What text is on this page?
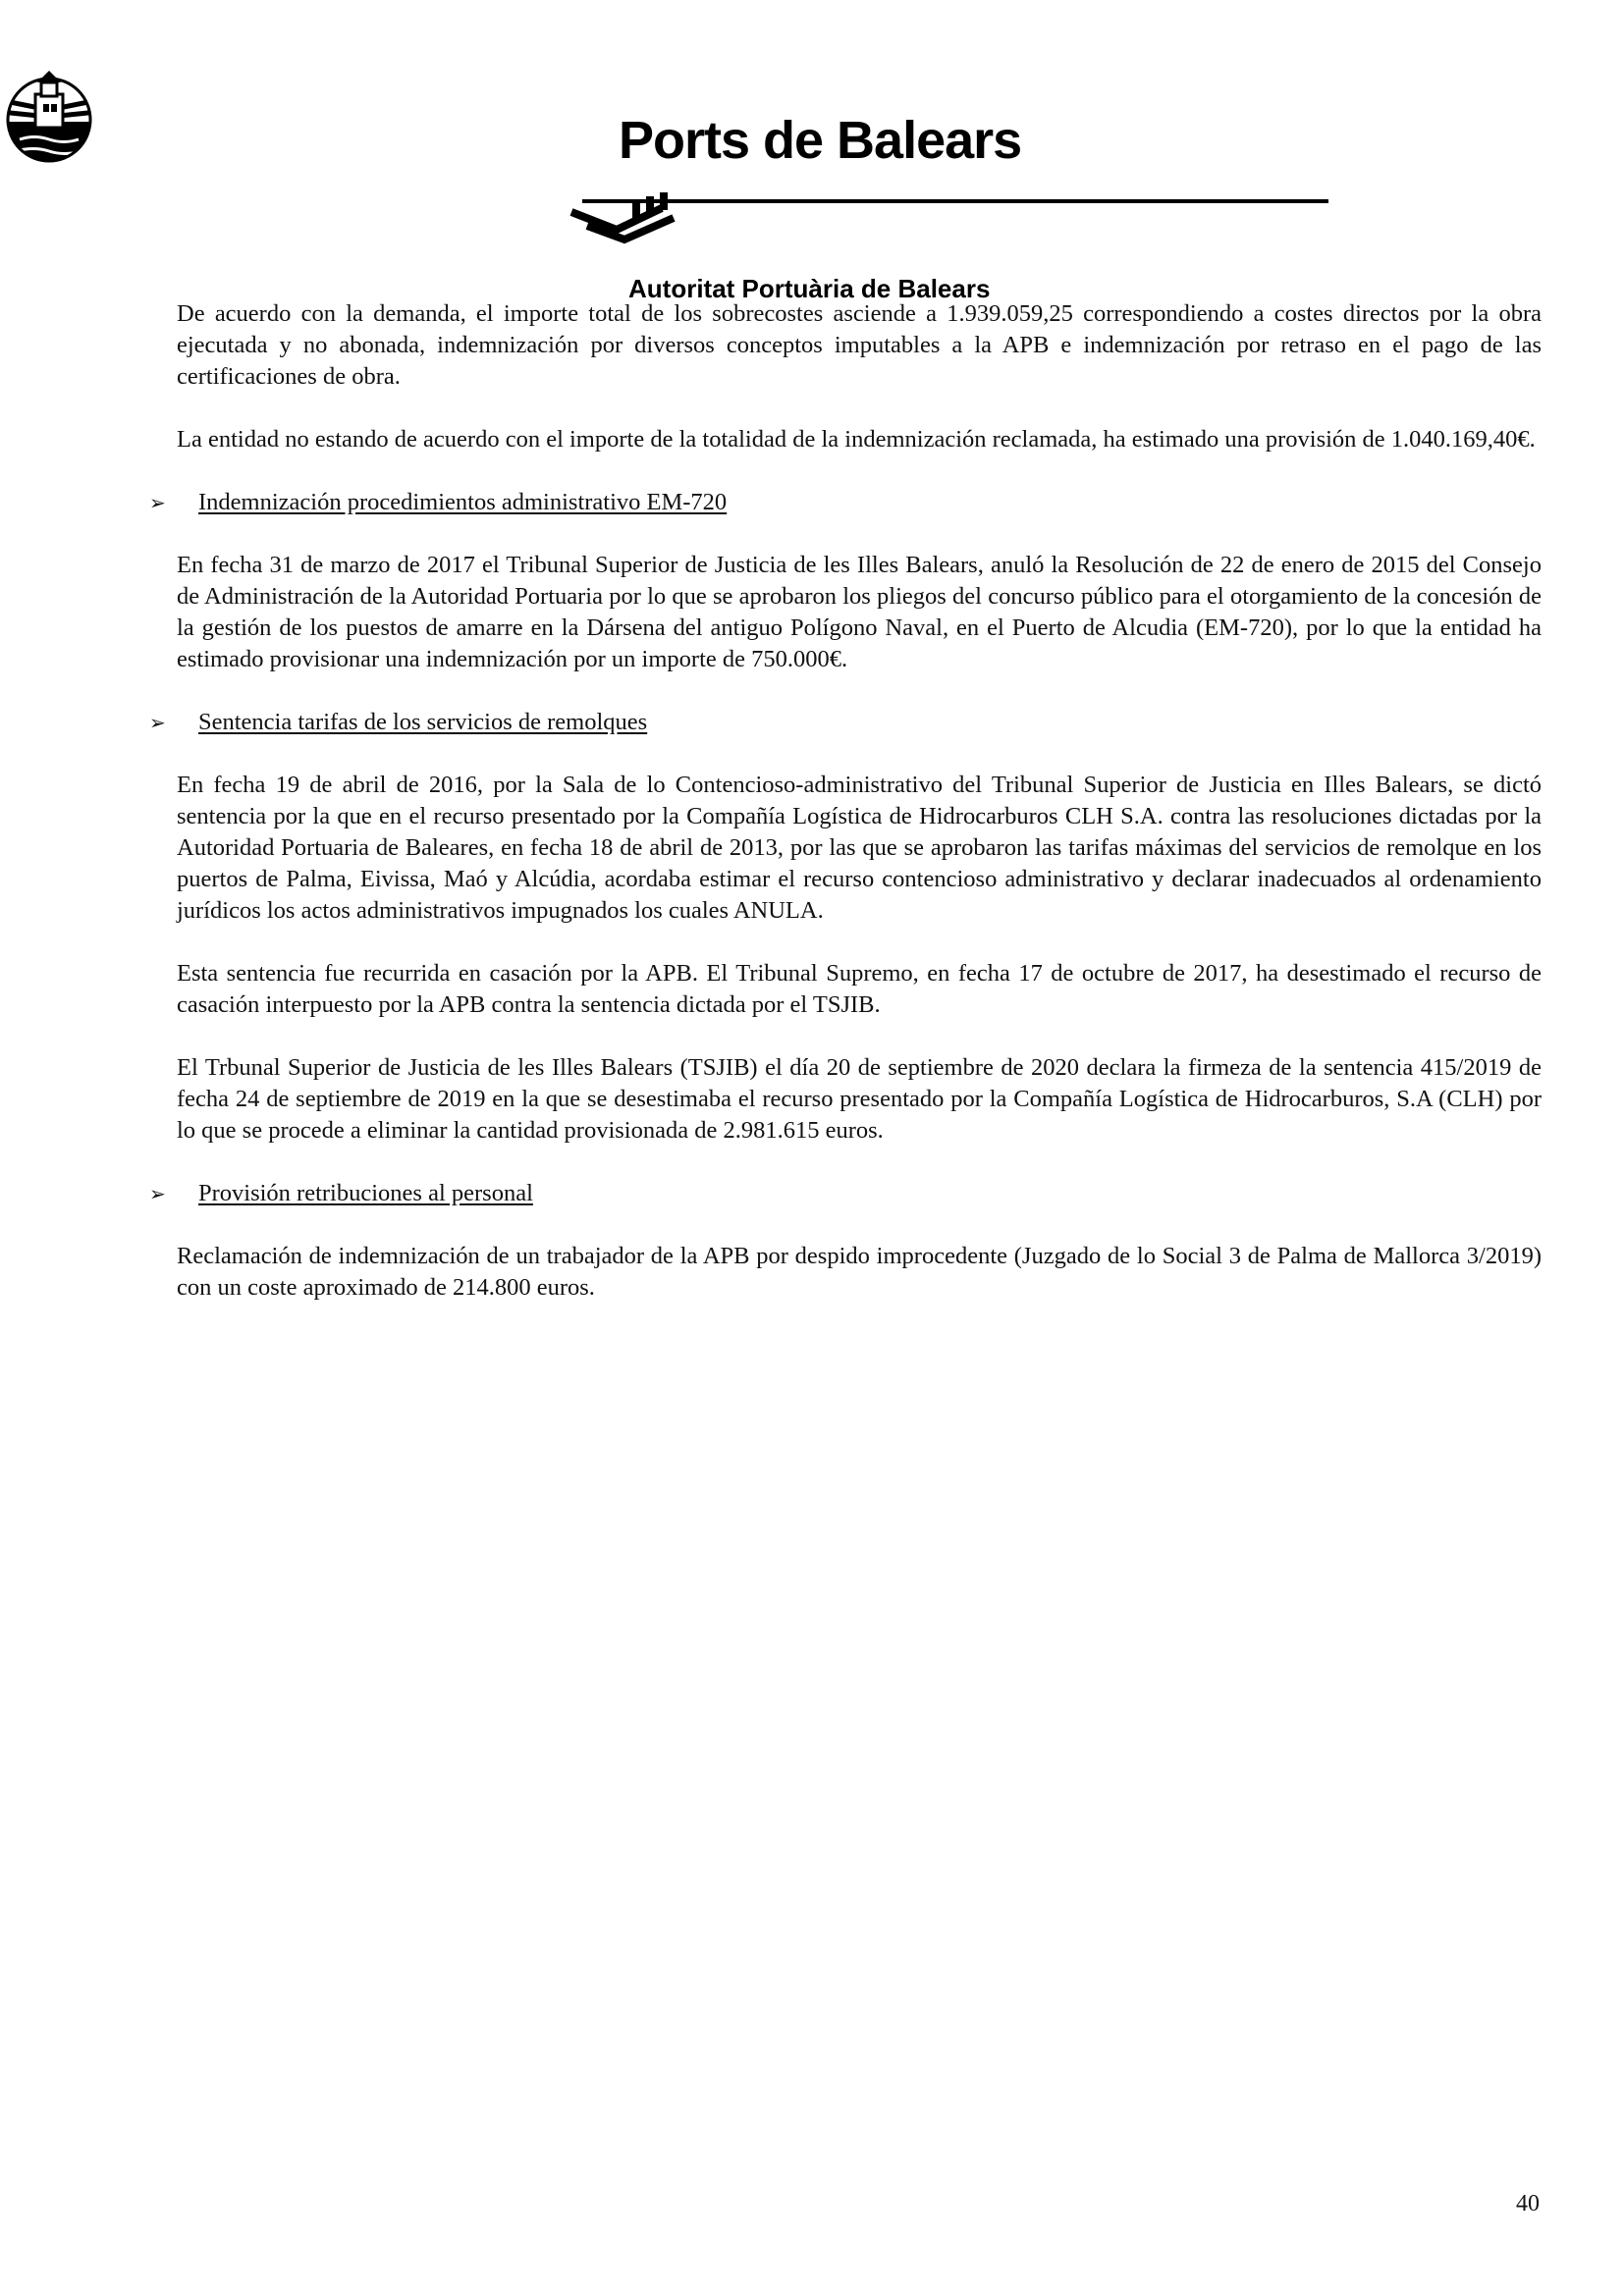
Ports de Balears
Autoritat Portuària de Balears

De acuerdo con la demanda, el importe total de los sobrecostes asciende a 1.939.059,25 correspondiendo a costes directos por la obra ejecutada y no abonada, indemnización por diversos conceptos imputables a la APB e indemnización por retraso en el pago de las certificaciones de obra.

La entidad no estando de acuerdo con el importe de la totalidad de la indemnización reclamada, ha estimado una provisión de 1.040.169,40€.

➢	Indemnización procedimientos administrativo EM-720

En fecha 31 de marzo de 2017 el Tribunal Superior de Justicia de les Illes Balears, anuló la Resolución de 22 de enero de 2015 del Consejo de Administración de la Autoridad Portuaria por lo que se aprobaron los pliegos del concurso público para el otorgamiento de la concesión de la gestión de los puestos de amarre en la Dársena del antiguo Polígono Naval, en el Puerto de Alcudia (EM-720), por lo que la entidad ha estimado provisionar una indemnización por un importe de 750.000€.

➢	Sentencia tarifas de los servicios de remolques

En fecha 19 de abril de 2016, por la Sala de lo Contencioso-administrativo del Tribunal Superior de Justicia en Illes Balears, se dictó sentencia por la que en el recurso presentado por la Compañía Logística de Hidrocarburos CLH S.A. contra las resoluciones dictadas por la Autoridad Portuaria de Baleares, en fecha 18 de abril de 2013, por las que se aprobaron las tarifas máximas del servicios de remolque en los puertos de Palma, Eivissa, Maó y Alcúdia, acordaba estimar el recurso contencioso administrativo y declarar inadecuados al ordenamiento jurídicos los actos administrativos impugnados los cuales ANULA.

Esta sentencia fue recurrida en casación por la APB. El Tribunal Supremo, en fecha 17 de octubre de 2017, ha desestimado el recurso de casación interpuesto por la APB contra la sentencia dictada por el TSJIB.

El Trbunal Superior de Justicia de les Illes Balears (TSJIB) el día 20 de septiembre de 2020 declara la firmeza de la sentencia 415/2019 de fecha 24 de septiembre de 2019 en la que se desestimaba el recurso presentado por la Compañía Logística de Hidrocarburos, S.A (CLH) por lo que se procede a eliminar la cantidad provisionada de 2.981.615 euros.

➢	Provisión retribuciones al personal

Reclamación de indemnización de un trabajador de la APB por despido improcedente (Juzgado de lo Social 3 de Palma de Mallorca 3/2019) con un coste aproximado de 214.800 euros.

40
